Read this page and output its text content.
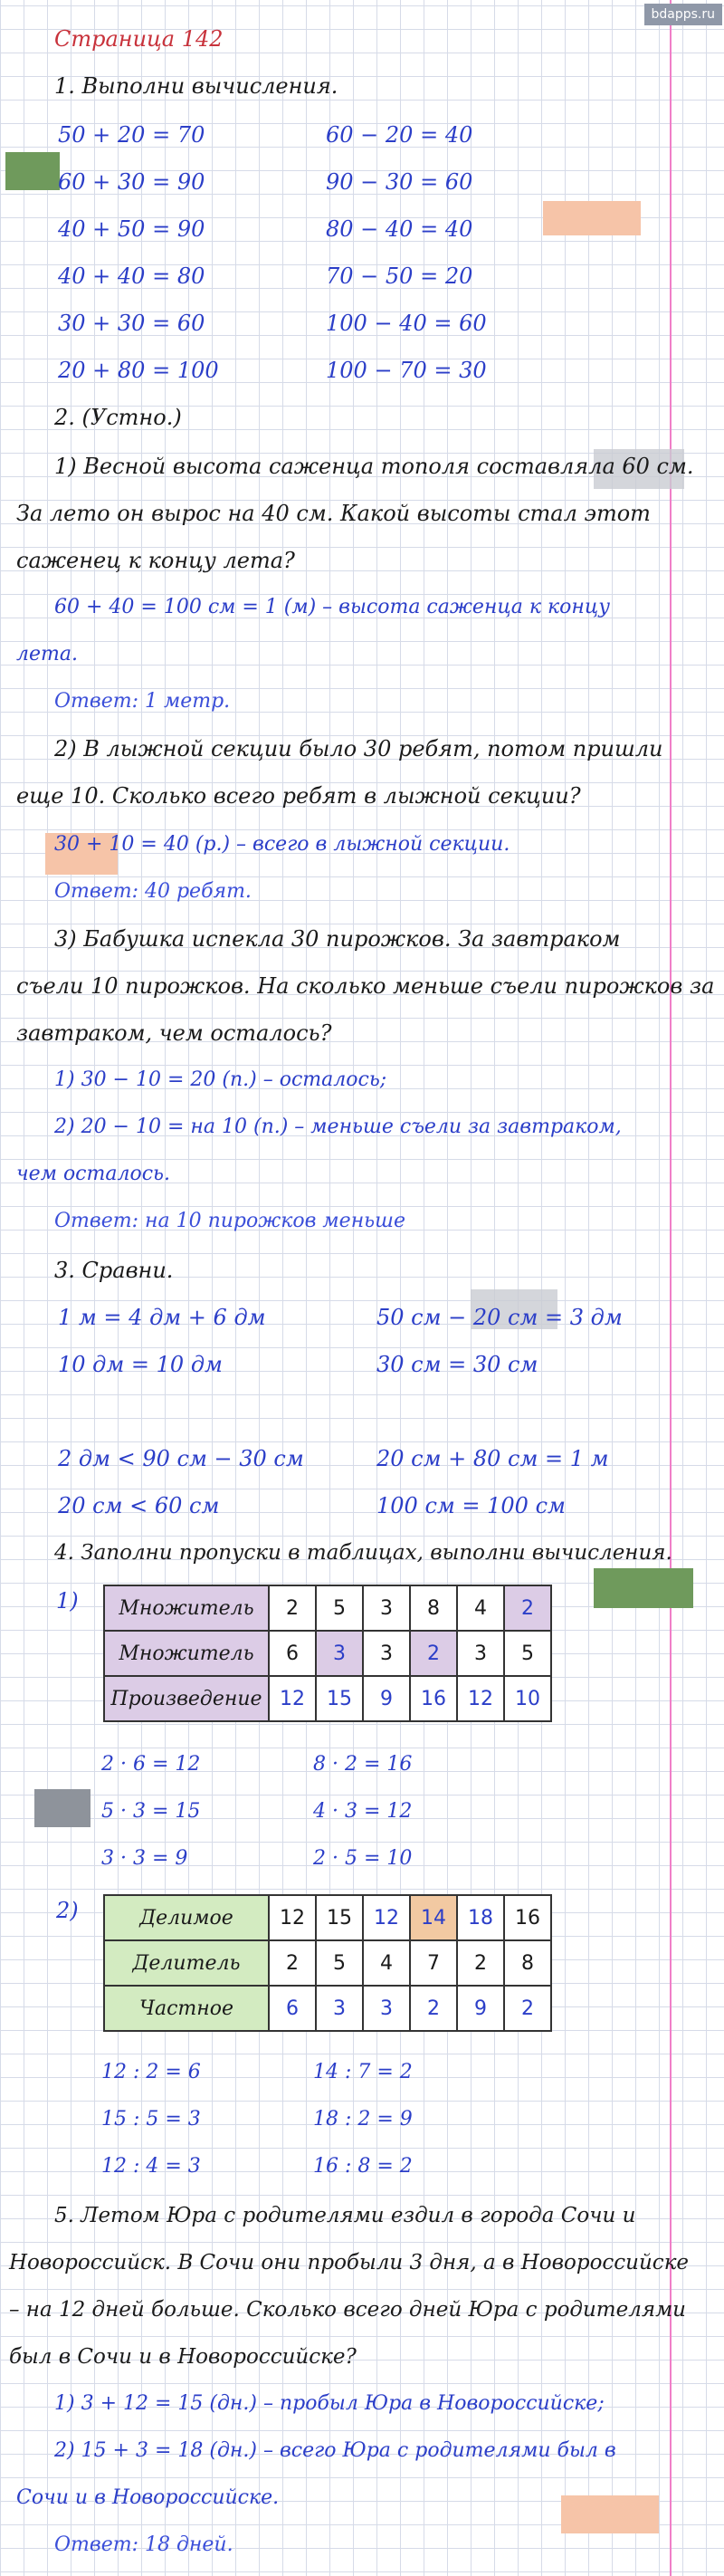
bdapps.ru
Страница 142
1. Выполни вычисления.
50 + 20 = 70
60 + 30 = 90
40 + 50 = 90
40 + 40 = 80
30 + 30 = 60
20 + 80 = 100
60 − 20 = 40
90 − 30 = 60
80 − 40 = 40
70 − 50 = 20
100 − 40 = 60
100 − 70 = 30
2. (Устно.)
1) Весной высота саженца тополя составляла 60 см.
За лето он вырос на 40 см. Какой высоты стал этот
саженец к концу лета?
60 + 40 = 100 см = 1 (м) – высота саженца к концу
лета.
Ответ: 1 метр.
2) В лыжной секции было 30 ребят, потом пришли
еще 10. Сколько всего ребят в лыжной секции?
30 + 10 = 40 (р.) – всего в лыжной секции.
Ответ: 40 ребят.
3) Бабушка испекла 30 пирожков. За завтраком
съели 10 пирожков. На сколько меньше съели пирожков за
завтраком, чем осталось?
1) 30 − 10 = 20 (п.) – осталось;
2) 20 − 10 = на 10 (п.) – меньше съели за завтраком,
чем осталось.
Ответ: на 10 пирожков меньше
3. Сравни.
1 м = 4 дм + 6 дм
10 дм = 10 дм
2 дм < 90 см − 30 см
20 см < 60 см
50 см − 20 см = 3 дм
30 см = 30 см
20 см + 80 см = 1 м
100 см = 100 см
4. Заполни пропуски в таблицах, выполни вычисления.
1) Множитель	2	5	3	8	4	2
Множитель	6	3	3	2	3	5
Произведение	12	15	9	16	12	10
2 · 6 = 12
5 · 3 = 15
3 · 3 = 9
8 · 2 = 16
4 · 3 = 12
2 · 5 = 10
2)	Делимое	12	15	12	14	18	16
Делитель	2	5	4	7	2	8
Частное	6	3	3	2	9	2
12 : 2 = 6
15 : 5 = 3
12 : 4 = 3
14 : 7 = 2
18 : 2 = 9
16 : 8 = 2
5. Летом Юра с родителями ездил в города Сочи и
Новороссийск. В Сочи они пробыли 3 дня, а в Новороссийске
– на 12 дней больше. Сколько всего дней Юра с родителями
был в Сочи и в Новороссийске?
1) 3 + 12 = 15 (дн.) – пробыл Юра в Новороссийске;
2) 15 + 3 = 18 (дн.) – всего Юра с родителями был в
Сочи и в Новороссийске.
Ответ: 18 дней.
